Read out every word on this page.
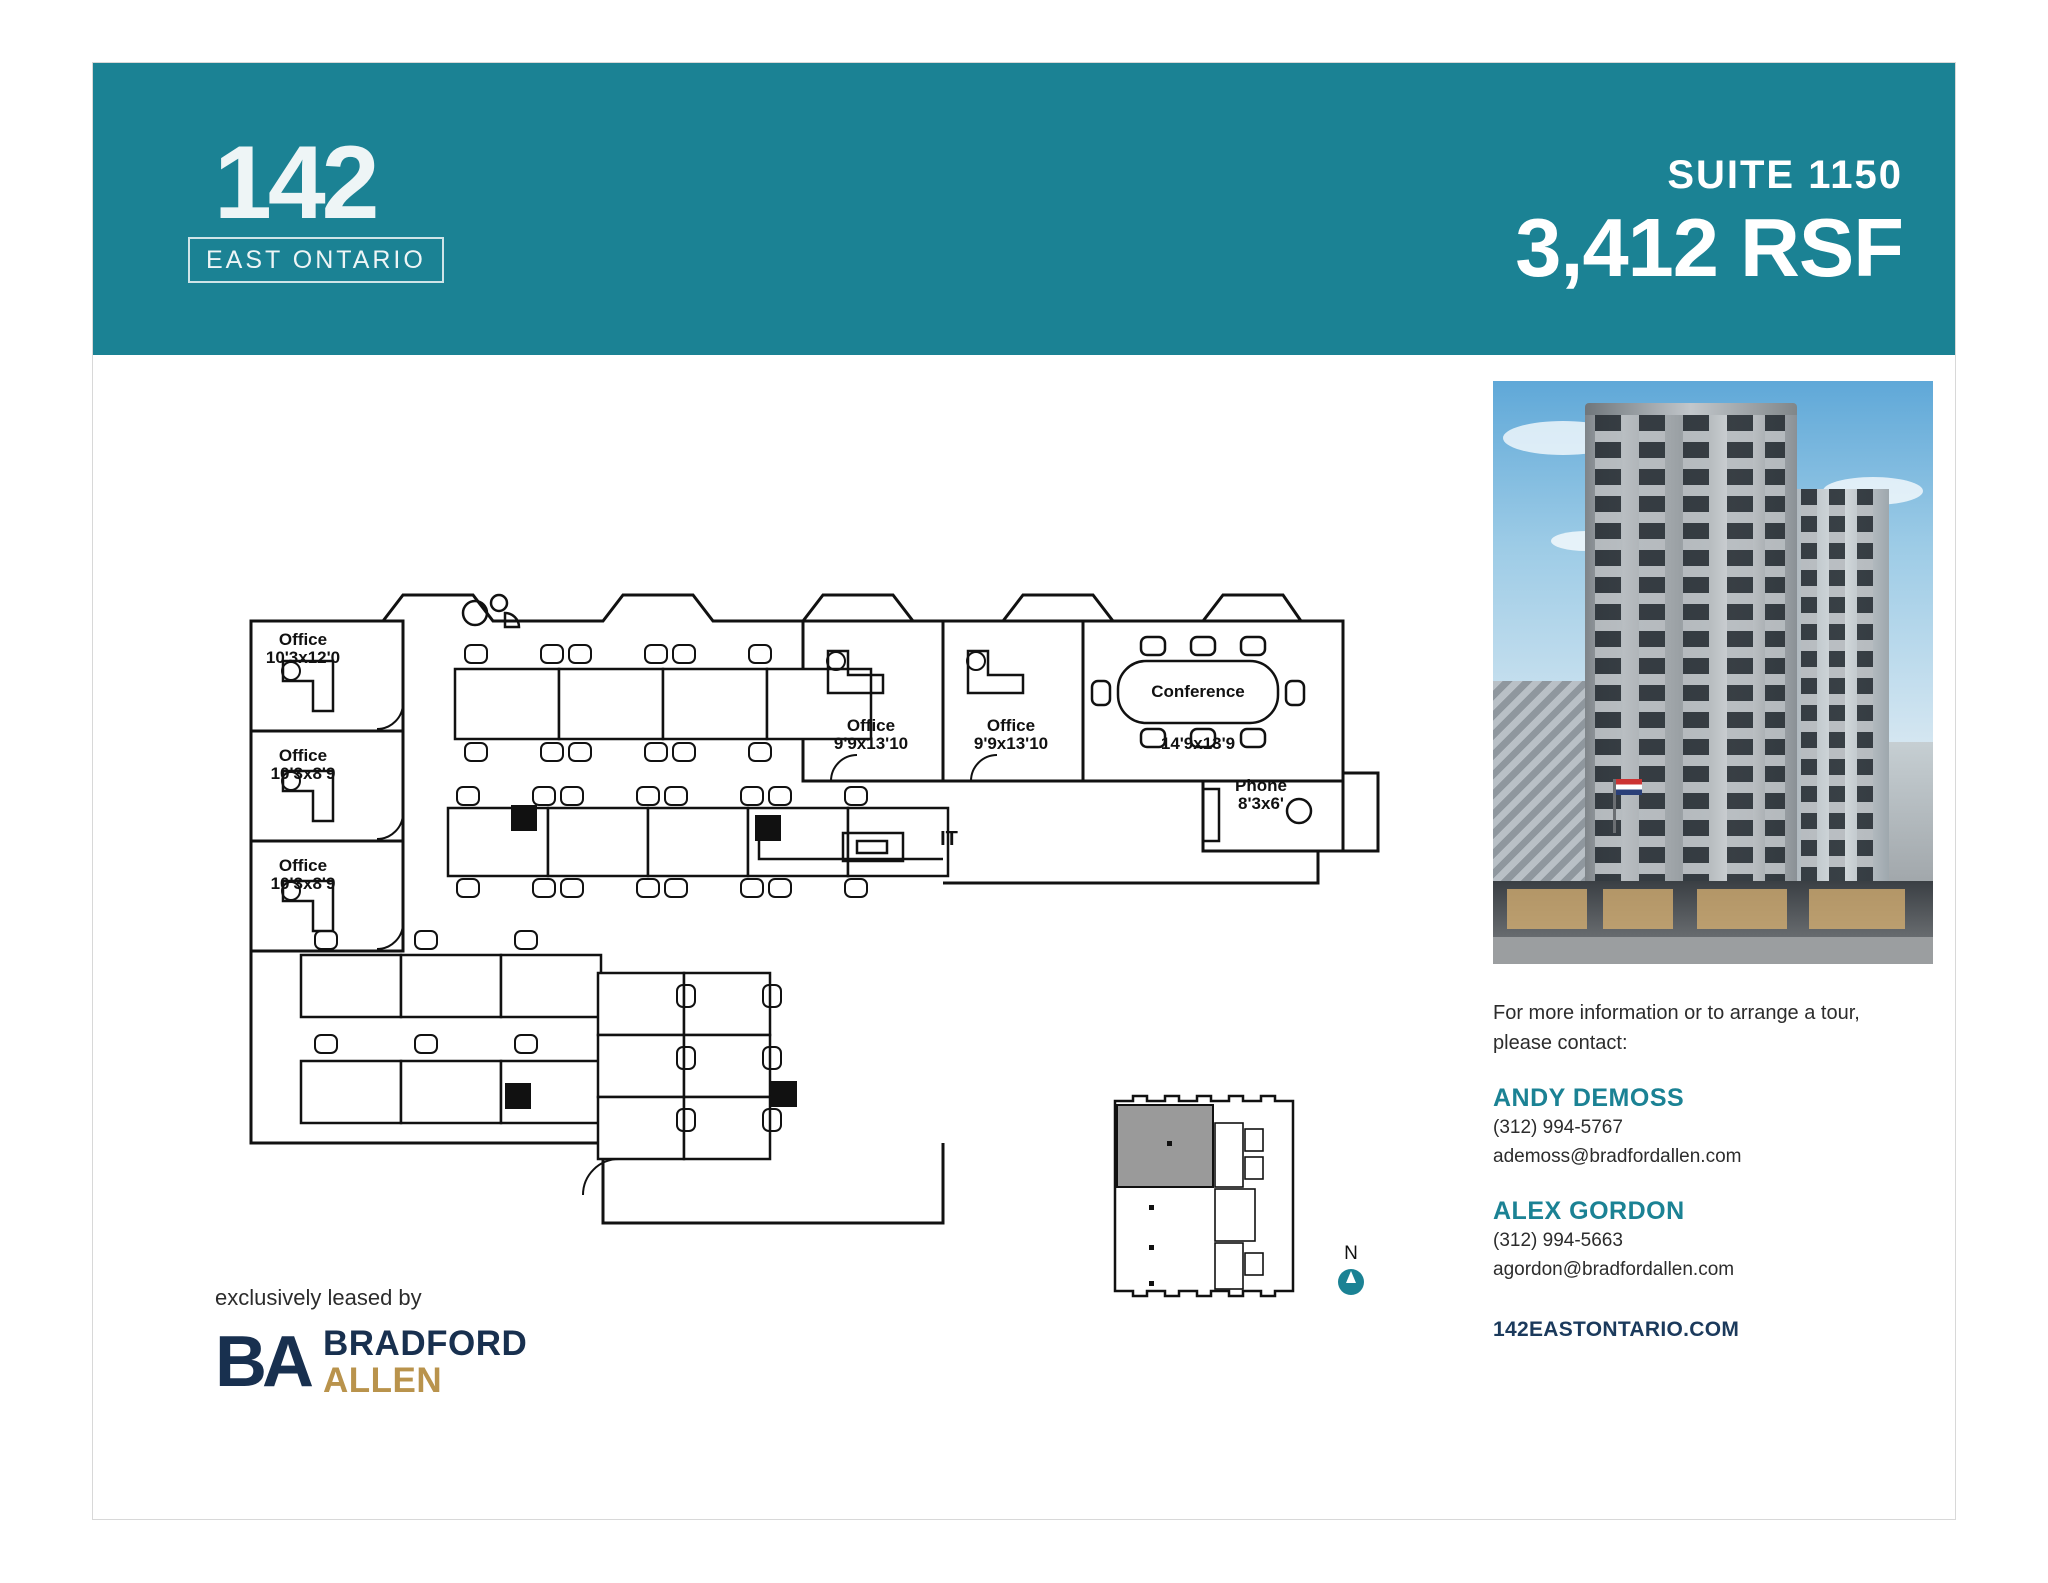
142
EAST ONTARIO
SUITE 1150
3,412 RSF
For more information or to arrange a tour,
please contact:
ANDY DEMOSS
(312) 994-5767
ademoss@bradfordallen.com
ALEX GORDON
(312) 994-5663
agordon@bradfordallen.com
142EASTONTARIO.COM
exclusively leased by
BA BRADFORD
ALLEN
Office
10'3x12'0
Office
10'3x8'9
Office
10'3x8'9
Office
9'9x13'10
Office
9'9x13'10
Conference
14'9x13'9
Phone
8'3x6'
IT
N
